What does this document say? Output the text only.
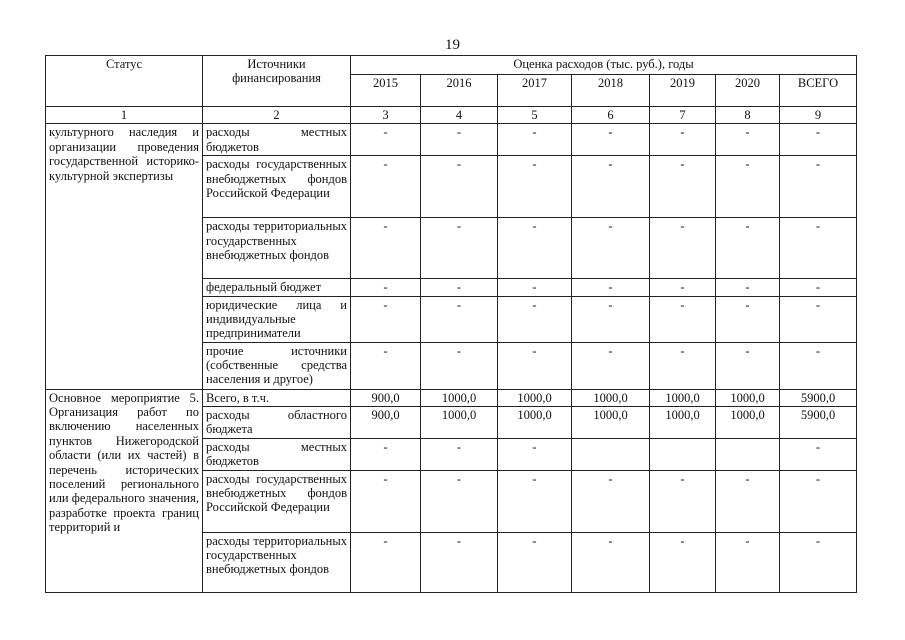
19
Статус	Источники финансирования	Оценка расходов (тыс. руб.), годы						
		2015	2016	2017	2018	2019	2020	ВСЕГО
1	2	3	4	5	6	7	8	9
культурного наследия и организации проведения государственной историко-культурной экспертизы	расходы местных бюджетов	-	-	-	-	-	-	-
	расходы государственных внебюджетных фондов Российской Федерации	-	-	-	-	-	-	-
	расходы территориальных государственных внебюджетных фондов	-	-	-	-	-	-	-
	федеральный бюджет	-	-	-	-	-	-	-
	юридические лица и индивидуальные предприниматели	-	-	-	-	-	-	-
	прочие источники (собственные средства населения и другое)	-	-	-	-	-	-	-
Основное мероприятие 5. Организация работ по включению населенных пунктов Нижегородской области (или их частей) в перечень исторических поселений регионального или федерального значения, разработке проекта границ территорий и	Всего, в т.ч.	900,0	1000,0	1000,0	1000,0	1000,0	1000,0	5900,0
	расходы областного бюджета	900,0	1000,0	1000,0	1000,0	1000,0	1000,0	5900,0
	расходы местных бюджетов	-	-	-				-
	расходы государственных внебюджетных фондов Российской Федерации	-	-	-	-	-	-	-
	расходы территориальных государственных внебюджетных фондов	-	-	-	-	-	-	-
